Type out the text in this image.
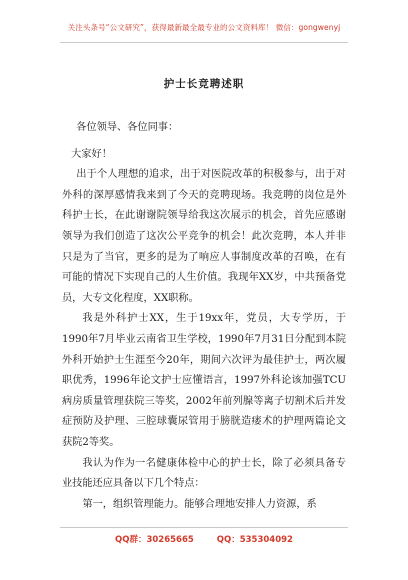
关注头条号“公文研究”，获得最新最全最专业的公文资料库！ 微信：gongwenyj
护士长竞聘述职

各位领导、各位同事：

大家好！

出于个人理想的追求，出于对医院改革的积极参与，出于对外科的深厚感情我来到了今天的竞聘现场。我竞聘的岗位是外科护士长，在此谢谢院领导给我这次展示的机会，首先应感谢领导为我们创造了这次公平竞争的机会！此次竞聘，本人并非只是为了当官，更多的是为了响应人事制度改革的召唤，在有可能的情况下实现自己的人生价值。我现年XX岁，中共预备党员，大专文化程度，XX职称。

我是外科护士XX，生于19xx年，党员，大专学历，于1990年7月毕业云南省卫生学校，1990年7月31日分配到本院外科开始护士生涯至今20年，期间六次评为最佳护士，两次履职优秀，1996年论文护士应懂语言，1997外科论该加强TCU病房质量管理获院三等奖，2002年前列腺等离子切割术后并发症预防及护理、三腔球囊尿管用于膀胱造瘘术的护理两篇论文获院2等奖。

我认为作为一名健康体检中心的护士长，除了必须具备专业技能还应具备以下几个特点：

第一，组织管理能力。能够合理地安排人力资源，系

QQ群：30265665	QQ：535304092
